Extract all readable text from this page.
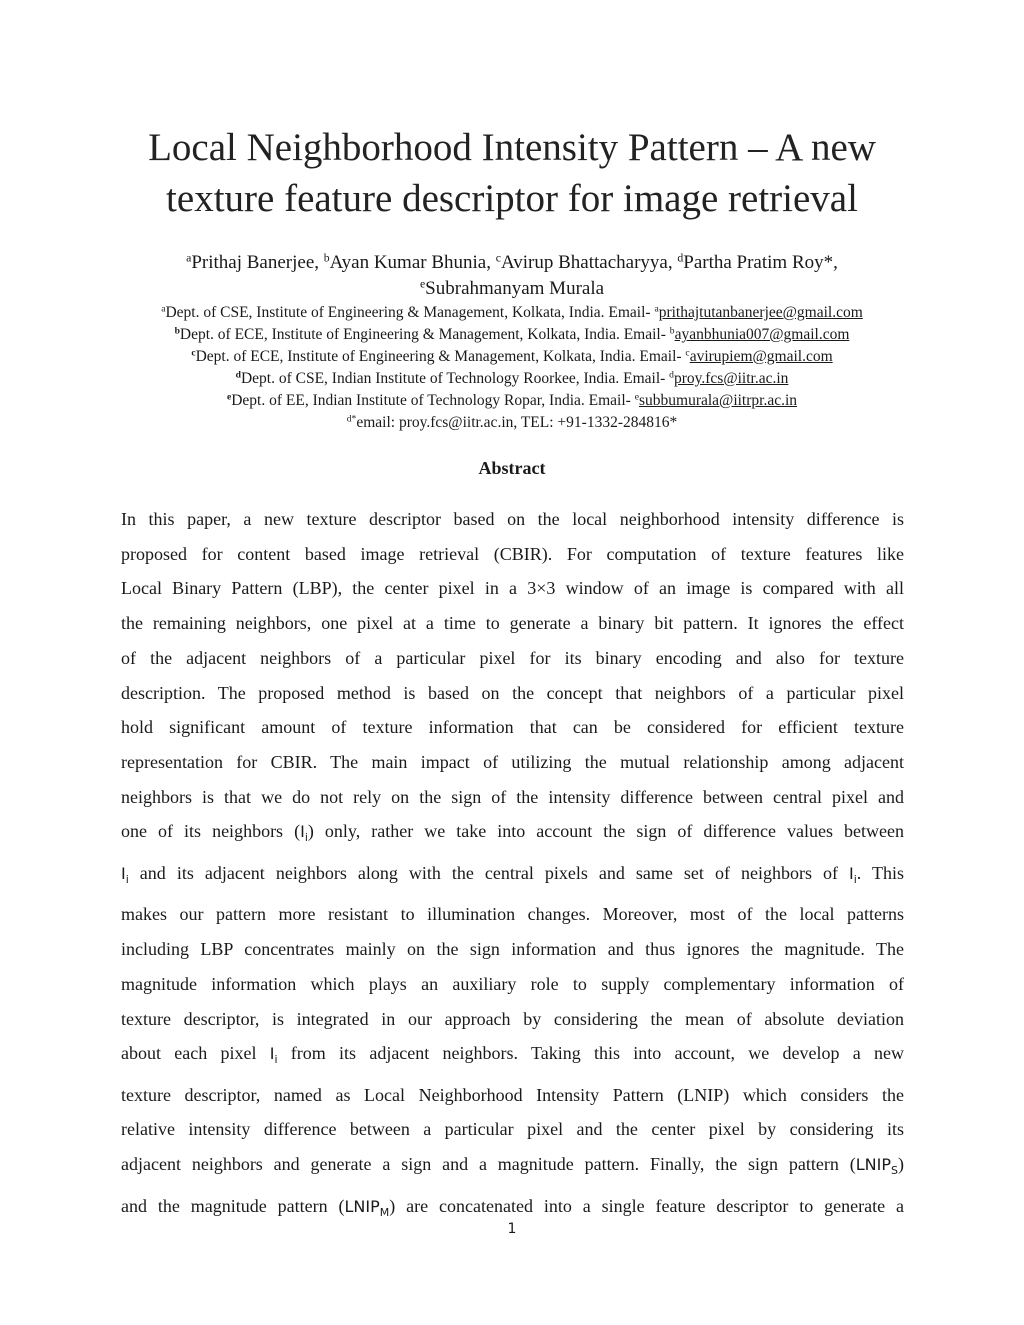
Local Neighborhood Intensity Pattern – A new
texture feature descriptor for image retrieval
$^a$Prithaj Banerjee, $^b$Ayan Kumar Bhunia, $^c$Avirup Bhattacharyya, $^d$Partha Pratim Roy*,
$^e$Subrahmanyam Murala
$^a$Dept. of CSE, Institute of Engineering & Management, Kolkata, India. Email- $^a$prithajtutanbanerjee@gmail.com
$^b$Dept. of ECE, Institute of Engineering & Management, Kolkata, India. Email- $^b$ayanbhunia007@gmail.com
$^c$Dept. of ECE, Institute of Engineering & Management, Kolkata, India. Email- $^c$avirupiem@gmail.com
$^d$Dept. of CSE, Indian Institute of Technology Roorkee, India. Email- $^d$proy.fcs@iitr.ac.in
$^e$Dept. of EE, Indian Institute of Technology Ropar, India. Email- $^e$subbumurala@iitrpr.ac.in
$^{d*}$email: proy.fcs@iitr.ac.in, TEL: +91-1332-284816*
Abstract

In this paper, a new texture descriptor based on the local neighborhood intensity difference is

proposed for content based image retrieval (CBIR). For computation of texture features like

Local Binary Pattern (LBP), the center pixel in a 3×3 window of an image is compared with all

the remaining neighbors, one pixel at a time to generate a binary bit pattern. It ignores the effect

of the adjacent neighbors of a particular pixel for its binary encoding and also for texture

description. The proposed method is based on the concept that neighbors of a particular pixel

hold significant amount of texture information that can be considered for efficient texture

representation for CBIR. The main impact of utilizing the mutual relationship among adjacent

neighbors is that we do not rely on the sign of the intensity difference between central pixel and

one of its neighbors $(I_i)$ only, rather we take into account the sign of difference values between

$I_i$ and its adjacent neighbors along with the central pixels and same set of neighbors of $I_i$. This

makes our pattern more resistant to illumination changes. Moreover, most of the local patterns

including LBP concentrates mainly on the sign information and thus ignores the magnitude. The

magnitude information which plays an auxiliary role to supply complementary information of

texture descriptor, is integrated in our approach by considering the mean of absolute deviation

about each pixel $I_i$ from its adjacent neighbors. Taking this into account, we develop a new

texture descriptor, named as Local Neighborhood Intensity Pattern (LNIP) which considers the

relative intensity difference between a particular pixel and the center pixel by considering its

adjacent neighbors and generate a sign and a magnitude pattern. Finally, the sign pattern $(LNIP_S)$

and the magnitude pattern $(LNIP_M)$ are concatenated into a single feature descriptor to generate a

1
